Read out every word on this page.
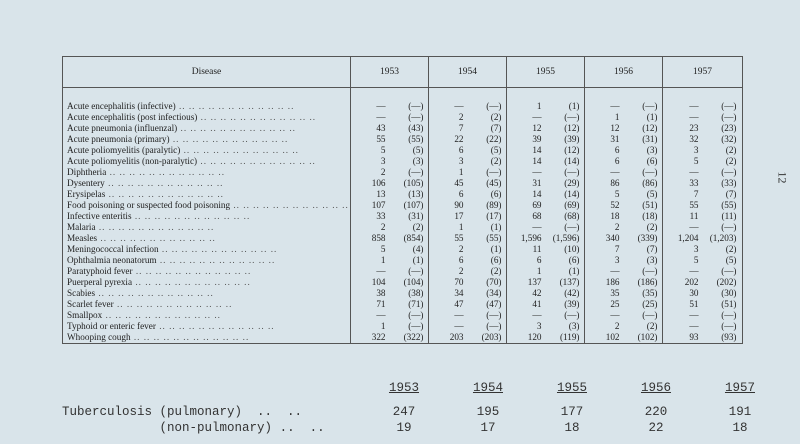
12
Disease	1953	1954	1955	1956	1957

Acute encephalitis (infective) .. .. .. .. .. .. .. .. .. .. .. ..	— (—)	— (—)	1 (1)	— (—)	— (—)
Acute encephalitis (post infectious) .. .. .. .. .. .. .. .. .. .. .. ..	— (—)	2 (2)	— (—)	1 (1)	— (—)
Acute pneumonia (influenzal) .. .. .. .. .. .. .. .. .. .. .. ..	43 (43)	7 (7)	12 (12)	12 (12)	23 (23)
Acute pneumonia (primary) .. .. .. .. .. .. .. .. .. .. .. ..	55 (55)	22 (22)	39 (39)	31 (31)	32 (32)
Acute poliomyelitis (paralytic) .. .. .. .. .. .. .. .. .. .. .. ..	5 (5)	6 (5)	14 (12)	6 (3)	3 (2)
Acute poliomyelitis (non-paralytic) .. .. .. .. .. .. .. .. .. .. .. ..	3 (3)	3 (2)	14 (14)	6 (6)	5 (2)
Diphtheria .. .. .. .. .. .. .. .. .. .. .. ..	2 (—)	1 (—)	— (—)	— (—)	— (—)
Dysentery .. .. .. .. .. .. .. .. .. .. .. ..	106 (105)	45 (45)	31 (29)	86 (86)	33 (33)
Erysipelas .. .. .. .. .. .. .. .. .. .. .. ..	13 (13)	6 (6)	14 (14)	5 (5)	7 (7)
Food poisoning or suspected food poisoning .. .. .. .. .. .. .. .. .. .. .. ..	107 (107)	90 (89)	69 (69)	52 (51)	55 (55)
Infective enteritis .. .. .. .. .. .. .. .. .. .. .. ..	33 (31)	17 (17)	68 (68)	18 (18)	11 (11)
Malaria .. .. .. .. .. .. .. .. .. .. .. ..	2 (2)	1 (1)	— (—)	2 (2)	— (—)
Measles .. .. .. .. .. .. .. .. .. .. .. ..	858 (854)	55 (55)	1,596 (1,596)	340 (339)	1,204 (1,203)
Meningococcal infection .. .. .. .. .. .. .. .. .. .. .. ..	5 (4)	2 (1)	11 (10)	7 (7)	3 (2)
Ophthalmia neonatorum .. .. .. .. .. .. .. .. .. .. .. ..	1 (1)	6 (6)	6 (6)	3 (3)	5 (5)
Paratyphoid fever .. .. .. .. .. .. .. .. .. .. .. ..	— (—)	2 (2)	1 (1)	— (—)	— (—)
Puerperal pyrexia .. .. .. .. .. .. .. .. .. .. .. ..	104 (104)	70 (70)	137 (137)	186 (186)	202 (202)
Scabies .. .. .. .. .. .. .. .. .. .. .. ..	38 (38)	34 (34)	42 (42)	35 (35)	30 (30)
Scarlet fever .. .. .. .. .. .. .. .. .. .. .. ..	71 (71)	47 (47)	41 (39)	25 (25)	51 (51)
Smallpox .. .. .. .. .. .. .. .. .. .. .. ..	— (—)	— (—)	— (—)	— (—)	— (—)
Typhoid or enteric fever .. .. .. .. .. .. .. .. .. .. .. ..	1 (—)	— (—)	3 (3)	2 (2)	— (—)
Whooping cough .. .. .. .. .. .. .. .. .. .. .. ..	322 (322)	203 (203)	120 (119)	102 (102)	93 (93)
	1953	1954	1955	1956	1957
Tuberculosis (pulmonary)  ..  ..	247	195	177	220	191
(non-pulmonary) ..  ..	19	17	18	22	18
